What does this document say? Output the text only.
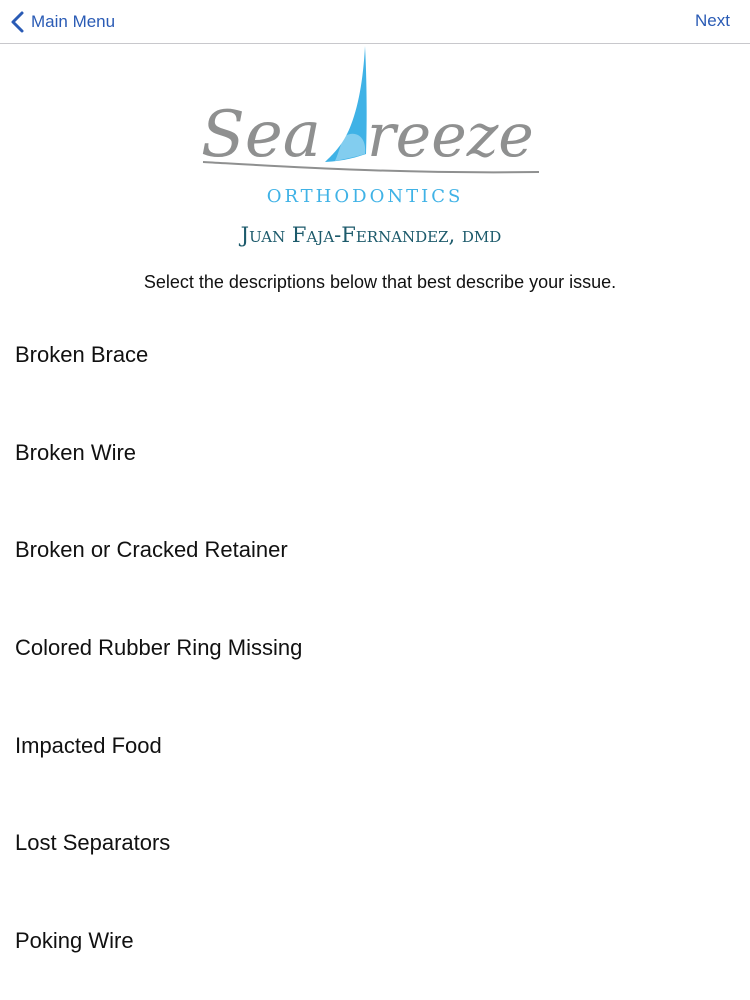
Main Menu	Next
Sea reeze
ORTHODONTICS
Juan Faja-Fernandez, dmd
Select the descriptions below that best describe your issue.
Broken Brace
Broken Wire
Broken or Cracked Retainer
Colored Rubber Ring Missing
Impacted Food
Lost Separators
Poking Wire
